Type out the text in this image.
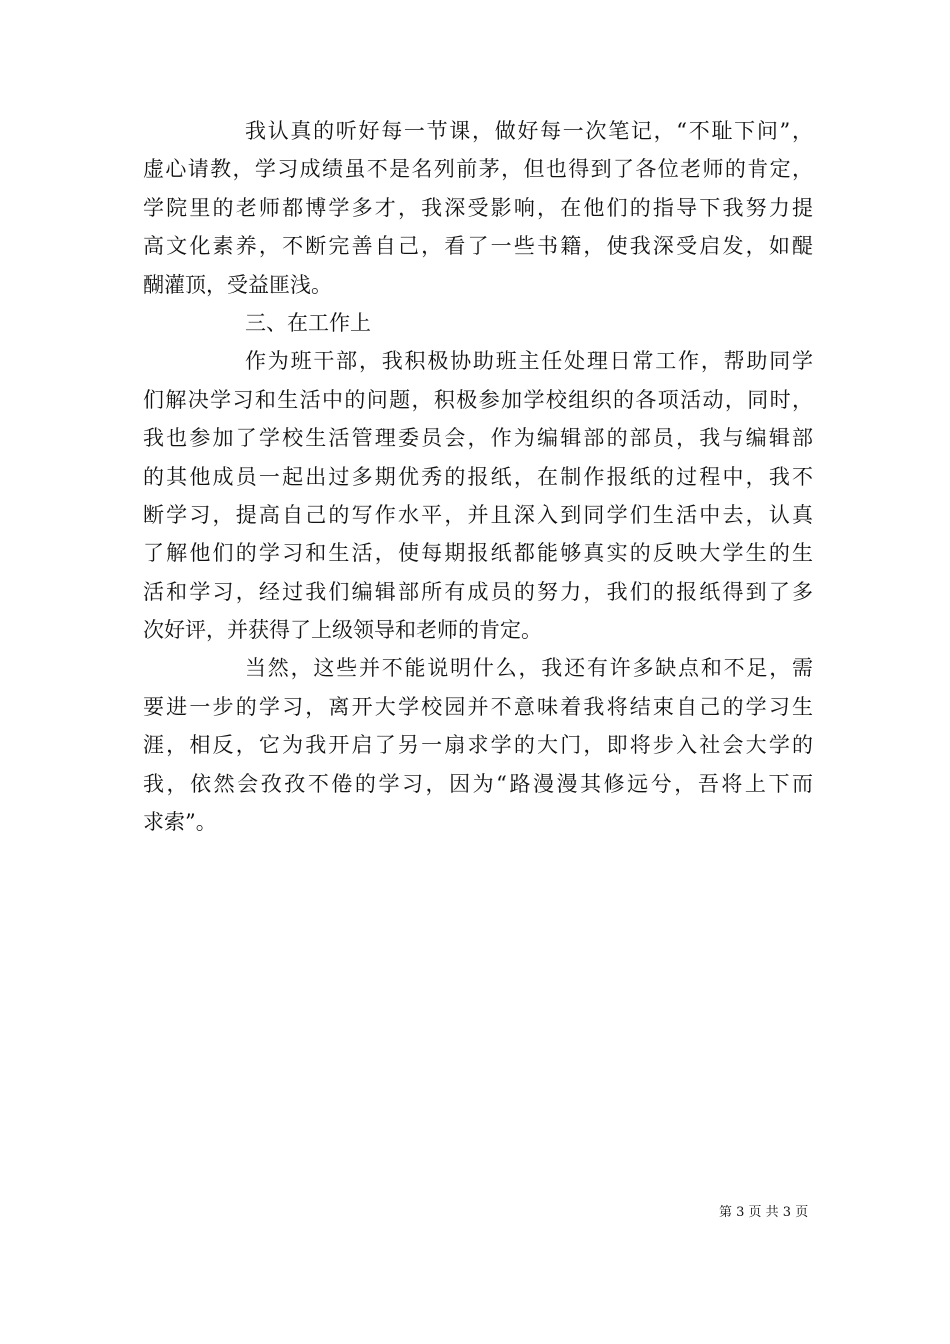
我认真的听好每一节课，做好每一次笔记，“不耻下问”，
虚心请教，学习成绩虽不是名列前茅，但也得到了各位老师的肯定，
学院里的老师都博学多才，我深受影响，在他们的指导下我努力提
高文化素养，不断完善自己，看了一些书籍，使我深受启发，如醍
醐灌顶，受益匪浅。
三、在工作上
作为班干部，我积极协助班主任处理日常工作，帮助同学
们解决学习和生活中的问题，积极参加学校组织的各项活动，同时，
我也参加了学校生活管理委员会，作为编辑部的部员，我与编辑部
的其他成员一起出过多期优秀的报纸，在制作报纸的过程中，我不
断学习，提高自己的写作水平，并且深入到同学们生活中去，认真
了解他们的学习和生活，使每期报纸都能够真实的反映大学生的生
活和学习，经过我们编辑部所有成员的努力，我们的报纸得到了多
次好评，并获得了上级领导和老师的肯定。
当然，这些并不能说明什么，我还有许多缺点和不足，需
要进一步的学习，离开大学校园并不意味着我将结束自己的学习生
涯，相反，它为我开启了另一扇求学的大门，即将步入社会大学的
我，依然会孜孜不倦的学习，因为“路漫漫其修远兮，吾将上下而
求索”。
第 3 页 共 3 页
